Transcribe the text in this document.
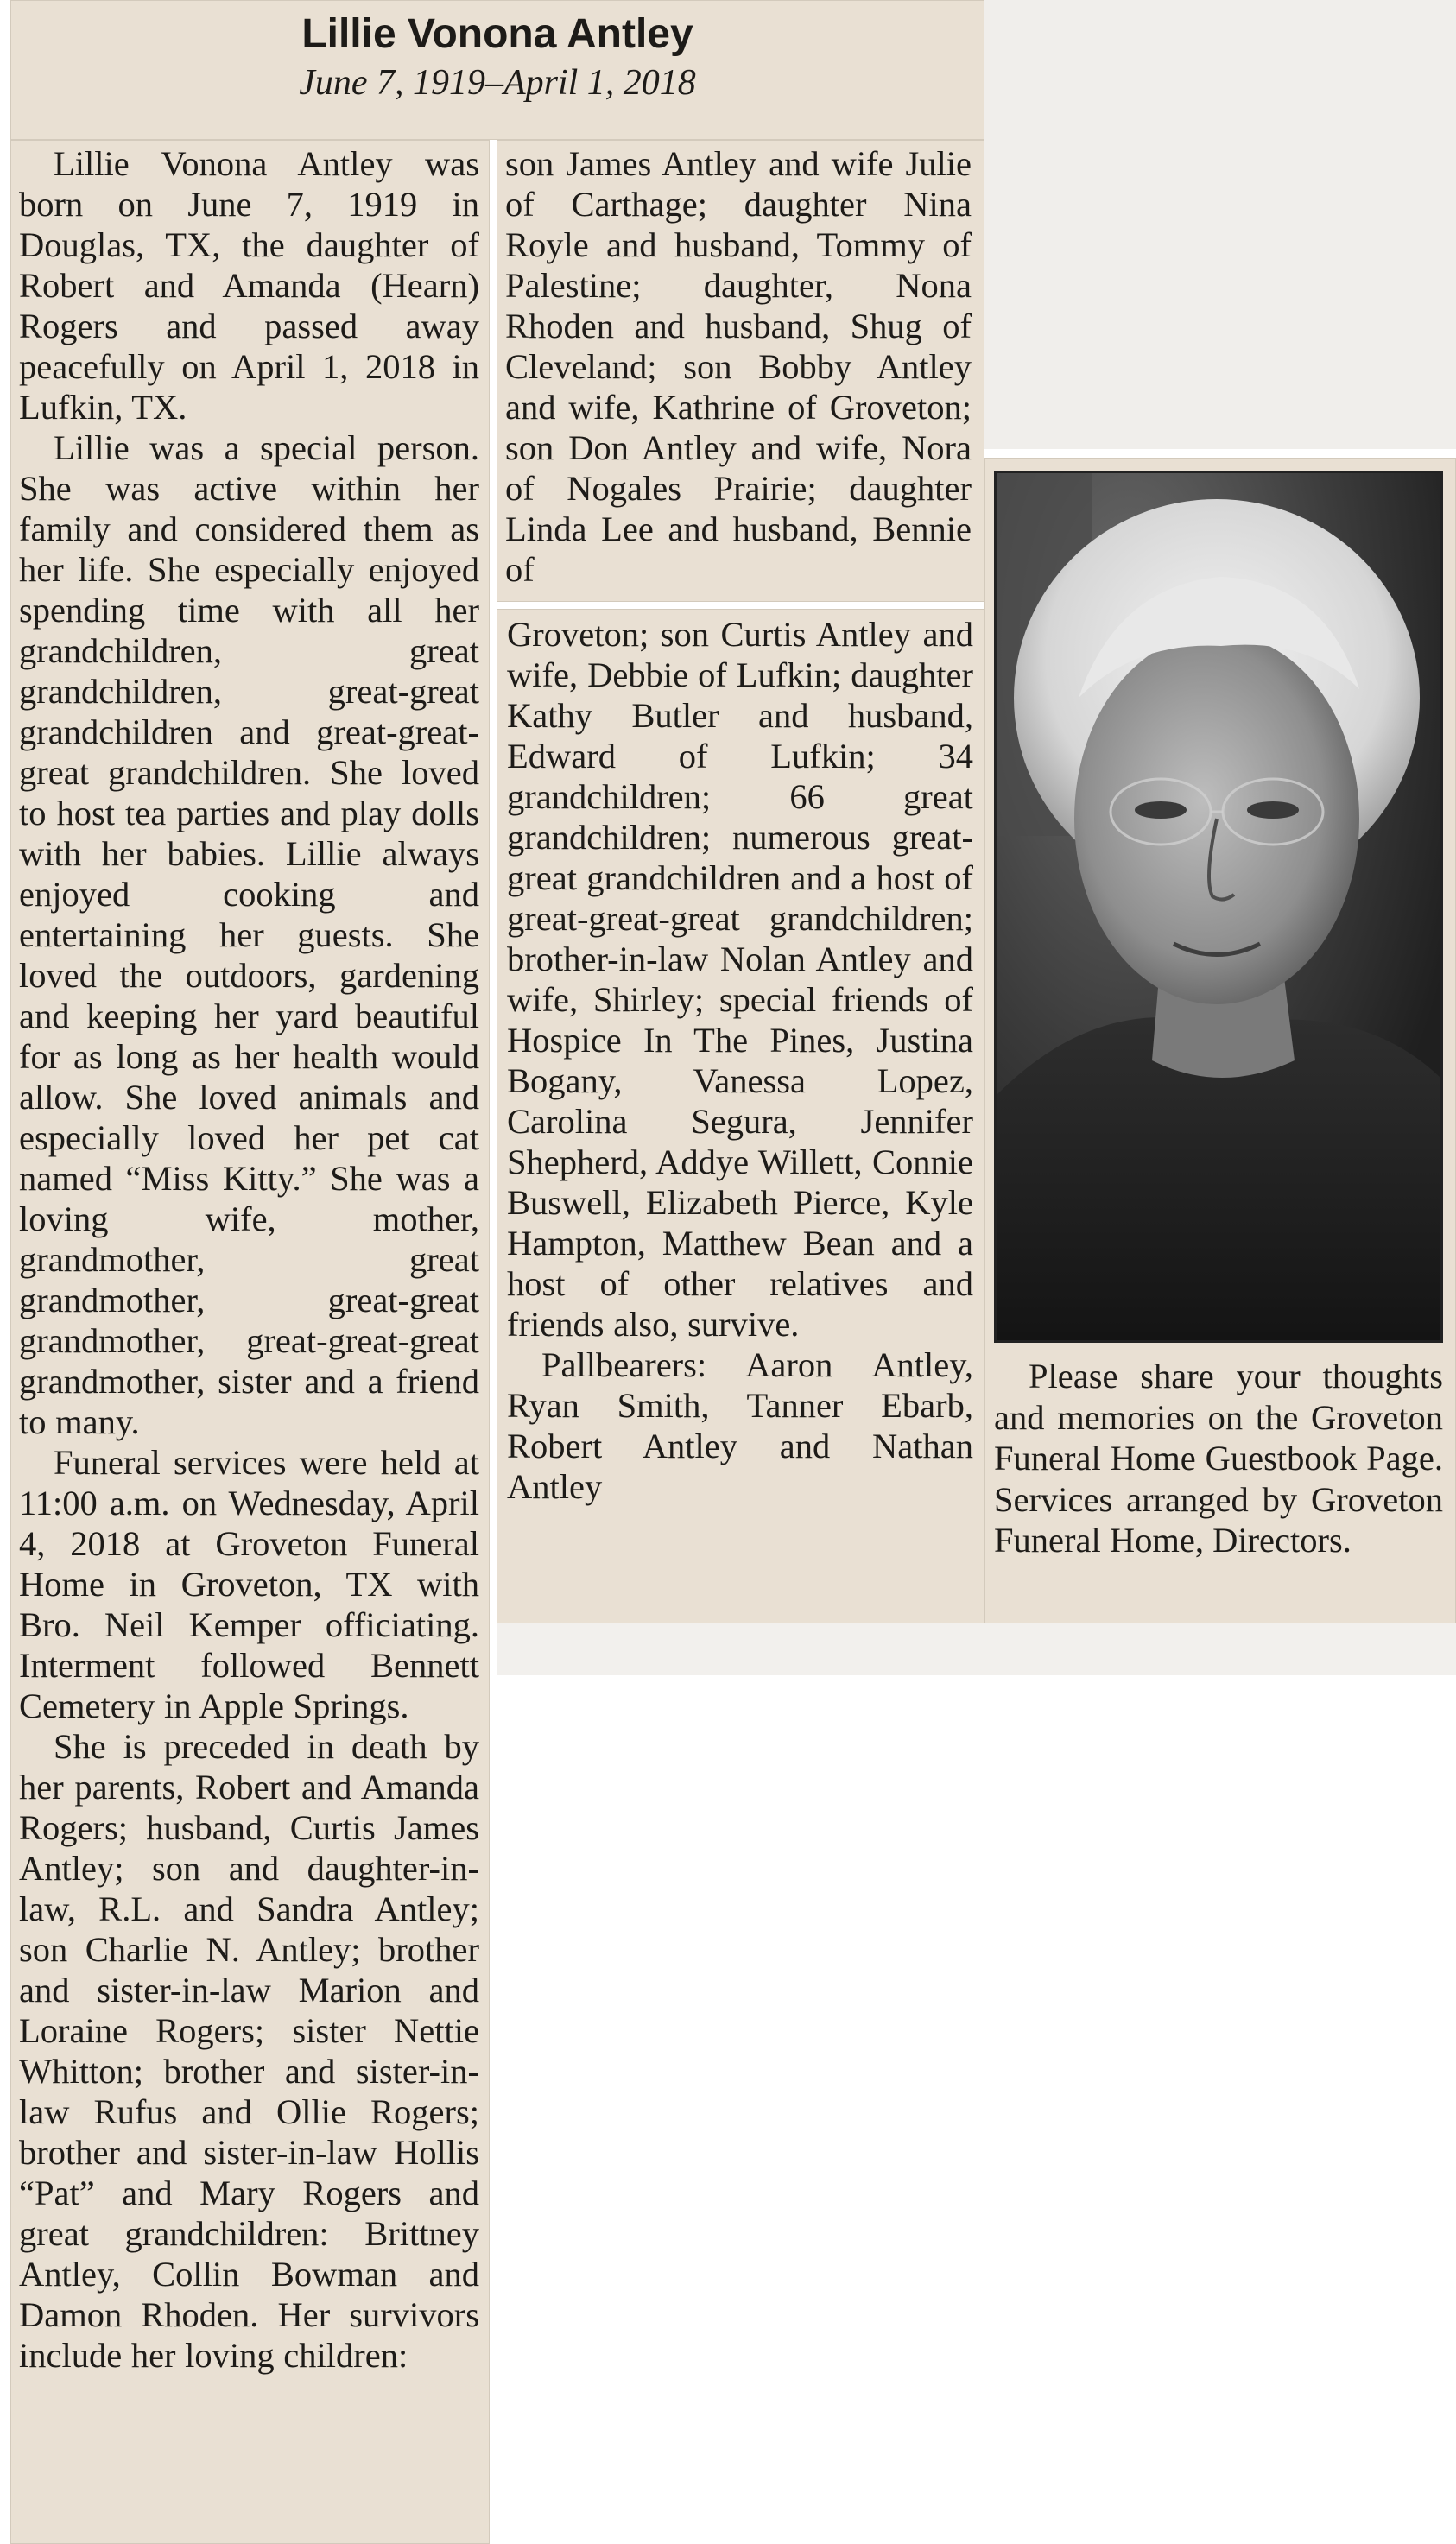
Lillie Vonona Antley
June 7, 1919–April 1, 2018

Lillie Vonona Antley was born on June 7, 1919 in Douglas, TX, the daughter of Robert and Amanda (Hearn) Rogers and passed away peacefully on April 1, 2018 in Lufkin, TX.

Lillie was a special person. She was active within her family and considered them as her life. She especially enjoyed spending time with all her grandchildren, great grandchildren, great-great grandchildren and great-great-great grandchildren. She loved to host tea parties and play dolls with her babies. Lillie always enjoyed cooking and entertaining her guests. She loved the outdoors, gardening and keeping her yard beautiful for as long as her health would allow. She loved animals and especially loved her pet cat named “Miss Kitty.” She was a loving wife, mother, grandmother, great grandmother, great-great grandmother, great-great-great grandmother, sister and a friend to many.

Funeral services were held at 11:00 a.m. on Wednesday, April 4, 2018 at Groveton Funeral Home in Groveton, TX with Bro. Neil Kemper officiating. Interment followed Bennett Cemetery in Apple Springs.

She is preceded in death by her parents, Robert and Amanda Rogers; husband, Curtis James Antley; son and daughter-in-law, R.L. and Sandra Antley; son Charlie N. Antley; brother and sister-in-law Marion and Loraine Rogers; sister Nettie Whitton; brother and sister-in-law Rufus and Ollie Rogers; brother and sister-in-law Hollis “Pat” and Mary Rogers and great grandchildren: Brittney Antley, Collin Bowman and Damon Rhoden. Her survivors include her loving children:

son James Antley and wife Julie of Carthage; daughter Nina Royle and husband, Tommy of Palestine; daughter, Nona Rhoden and husband, Shug of Cleveland; son Bobby Antley and wife, Kathrine of Groveton; son Don Antley and wife, Nora of Nogales Prairie; daughter Linda Lee and husband, Bennie of

Groveton; son Curtis Antley and wife, Debbie of Lufkin; daughter Kathy Butler and husband, Edward of Lufkin; 34 grandchildren; 66 great grandchildren; numerous great-great grandchildren and a host of great-great-great grandchildren; brother-in-law Nolan Antley and wife, Shirley; special friends of Hospice In The Pines, Justina Bogany, Vanessa Lopez, Carolina Segura, Jennifer Shepherd, Addye Willett, Connie Buswell, Elizabeth Pierce, Kyle Hampton, Matthew Bean and a host of other relatives and friends also, survive.

Pallbearers: Aaron Antley, Ryan Smith, Tanner Ebarb, Robert Antley and Nathan Antley

Please share your thoughts and memories on the Groveton Funeral Home Guestbook Page. Services arranged by Groveton Funeral Home, Directors.
